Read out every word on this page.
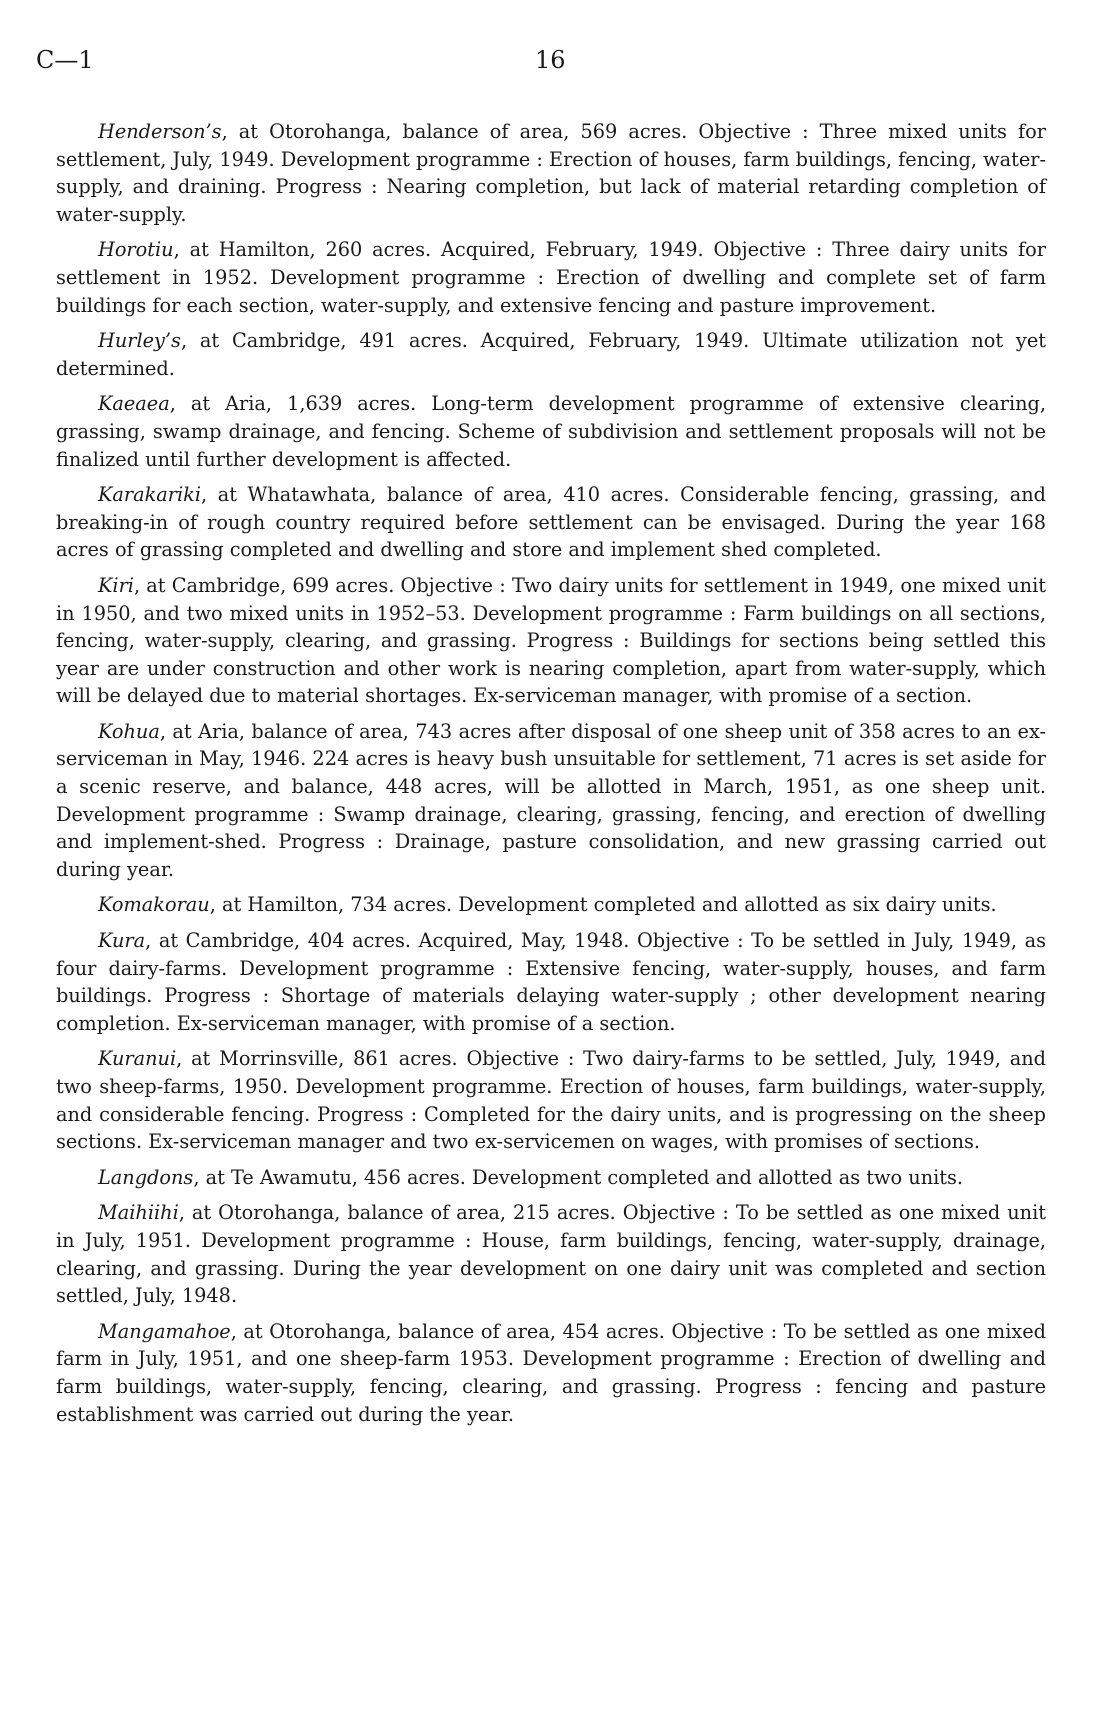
C—1	16

Henderson’s, at Otorohanga, balance of area, 569 acres. Objective : Three mixed units for settlement, July, 1949. Development programme : Erection of houses, farm buildings, fencing, water-supply, and draining. Progress : Nearing completion, but lack of material retarding completion of water-supply.

Horotiu, at Hamilton, 260 acres. Acquired, February, 1949. Objective : Three dairy units for settlement in 1952. Development programme : Erection of dwelling and complete set of farm buildings for each section, water-supply, and extensive fencing and pasture improvement.

Hurley’s, at Cambridge, 491 acres. Acquired, February, 1949. Ultimate utilization not yet determined.

Kaeaea, at Aria, 1,639 acres. Long-term development programme of extensive clearing, grassing, swamp drainage, and fencing. Scheme of subdivision and settlement proposals will not be finalized until further development is affected.

Karakariki, at Whatawhata, balance of area, 410 acres. Considerable fencing, grassing, and breaking-in of rough country required before settlement can be envisaged. During the year 168 acres of grassing completed and dwelling and store and implement shed completed.

Kiri, at Cambridge, 699 acres. Objective : Two dairy units for settlement in 1949, one mixed unit in 1950, and two mixed units in 1952–53. Development programme : Farm buildings on all sections, fencing, water-supply, clearing, and grassing. Progress : Buildings for sections being settled this year are under construction and other work is nearing completion, apart from water-supply, which will be delayed due to material shortages. Ex-serviceman manager, with promise of a section.

Kohua, at Aria, balance of area, 743 acres after disposal of one sheep unit of 358 acres to an ex-serviceman in May, 1946. 224 acres is heavy bush unsuitable for settlement, 71 acres is set aside for a scenic reserve, and balance, 448 acres, will be allotted in March, 1951, as one sheep unit. Development programme : Swamp drainage, clearing, grassing, fencing, and erection of dwelling and implement-shed. Progress : Drainage, pasture consolidation, and new grassing carried out during year.

Komakorau, at Hamilton, 734 acres. Development completed and allotted as six dairy units.

Kura, at Cambridge, 404 acres. Acquired, May, 1948. Objective : To be settled in July, 1949, as four dairy-farms. Development programme : Extensive fencing, water-supply, houses, and farm buildings. Progress : Shortage of materials delaying water-supply ; other development nearing completion. Ex-serviceman manager, with promise of a section.

Kuranui, at Morrinsville, 861 acres. Objective : Two dairy-farms to be settled, July, 1949, and two sheep-farms, 1950. Development programme. Erection of houses, farm buildings, water-supply, and considerable fencing. Progress : Completed for the dairy units, and is progressing on the sheep sections. Ex-serviceman manager and two ex-servicemen on wages, with promises of sections.

Langdons, at Te Awamutu, 456 acres. Development completed and allotted as two units.

Maihiihi, at Otorohanga, balance of area, 215 acres. Objective : To be settled as one mixed unit in July, 1951. Development programme : House, farm buildings, fencing, water-supply, drainage, clearing, and grassing. During the year development on one dairy unit was completed and section settled, July, 1948.

Mangamahoe, at Otorohanga, balance of area, 454 acres. Objective : To be settled as one mixed farm in July, 1951, and one sheep-farm 1953. Development programme : Erection of dwelling and farm buildings, water-supply, fencing, clearing, and grassing. Progress : fencing and pasture establishment was carried out during the year.
